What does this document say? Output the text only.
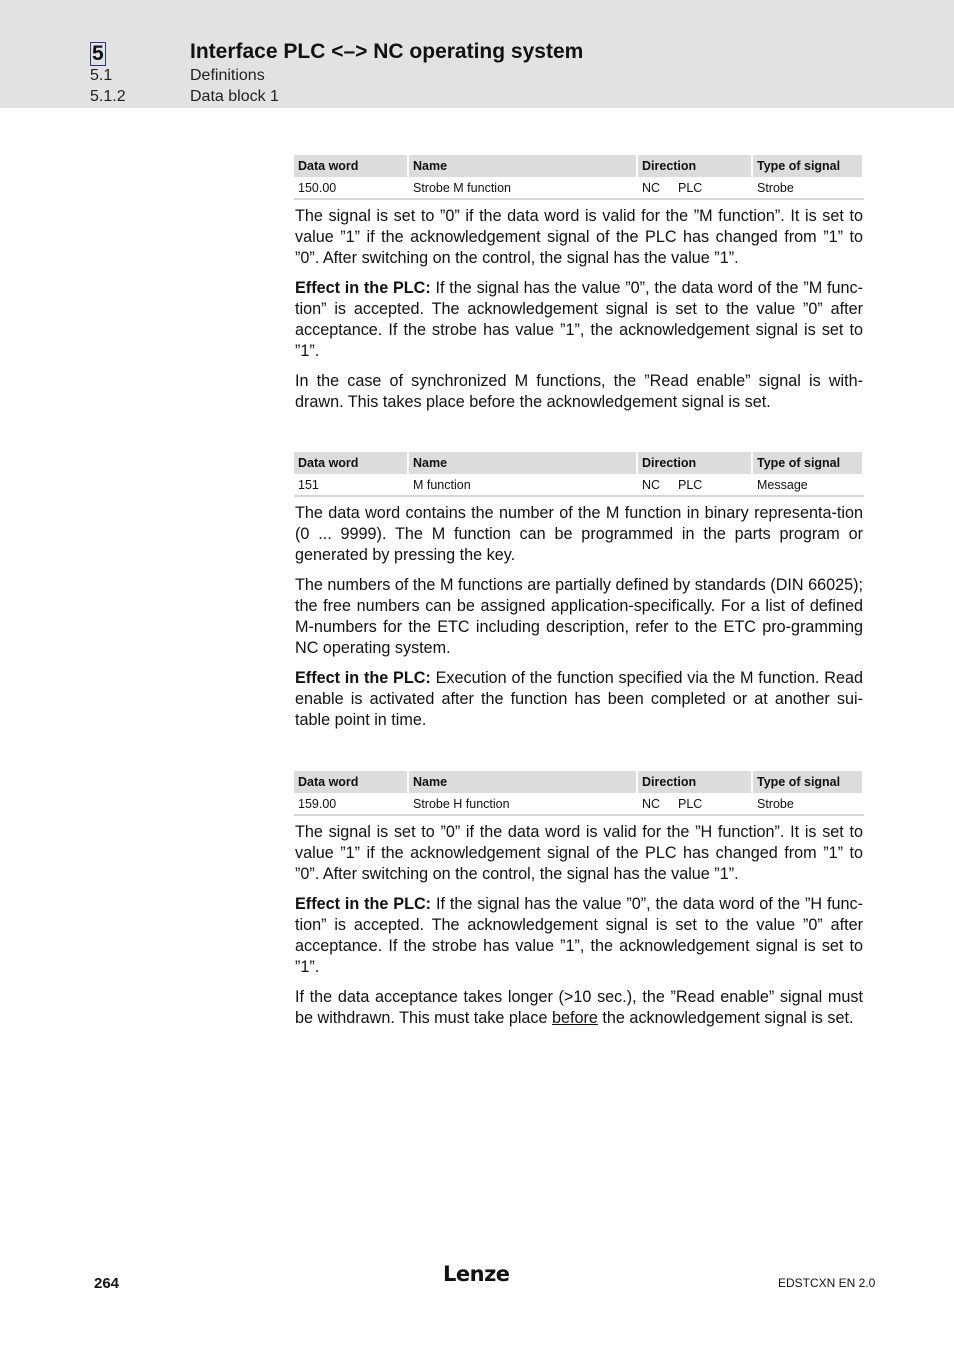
5	Interface PLC <–> NC operating system
5.1	Definitions
5.1.2	Data block 1
Data word	Name	Direction	Type of signal
150.00	Strobe M function	NC PLC	Strobe

The signal is set to ”0” if the data word is valid for the ”M function”. It is set to value ”1” if the acknowledgement signal of the PLC has changed from ”1” to ”0”. After switching on the control, the signal has the value ”1”.

Effect in the PLC: If the signal has the value ”0”, the data word of the ”M func-tion” is accepted. The acknowledgement signal is set to the value ”0” after acceptance. If the strobe has value ”1”, the acknowledgement signal is set to ”1”.

In the case of synchronized M functions, the ”Read enable” signal is with-drawn. This takes place before the acknowledgement signal is set.

Data word	Name	Direction	Type of signal
151	M function	NC PLC	Message

The data word contains the number of the M function in binary representa-tion (0 ... 9999). The M function can be programmed in the parts program or generated by pressing the key.

The numbers of the M functions are partially defined by standards (DIN 66025); the free numbers can be assigned application-specifically. For a list of defined M-numbers for the ETC including description, refer to the ETC pro-gramming NC operating system.

Effect in the PLC: Execution of the function specified via the M function. Read enable is activated after the function has been completed or at another sui-table point in time.

Data word	Name	Direction	Type of signal
159.00	Strobe H function	NC PLC	Strobe

The signal is set to ”0” if the data word is valid for the ”H function”. It is set to value ”1” if the acknowledgement signal of the PLC has changed from ”1” to ”0”. After switching on the control, the signal has the value ”1”.

Effect in the PLC: If the signal has the value ”0”, the data word of the ”H func-tion” is accepted. The acknowledgement signal is set to the value ”0” after acceptance. If the strobe has value ”1”, the acknowledgement signal is set to ”1”.

If the data acceptance takes longer (>10 sec.), the ”Read enable” signal must be withdrawn. This must take place before the acknowledgement signal is set.

264	Lenze	EDSTCXN EN 2.0
